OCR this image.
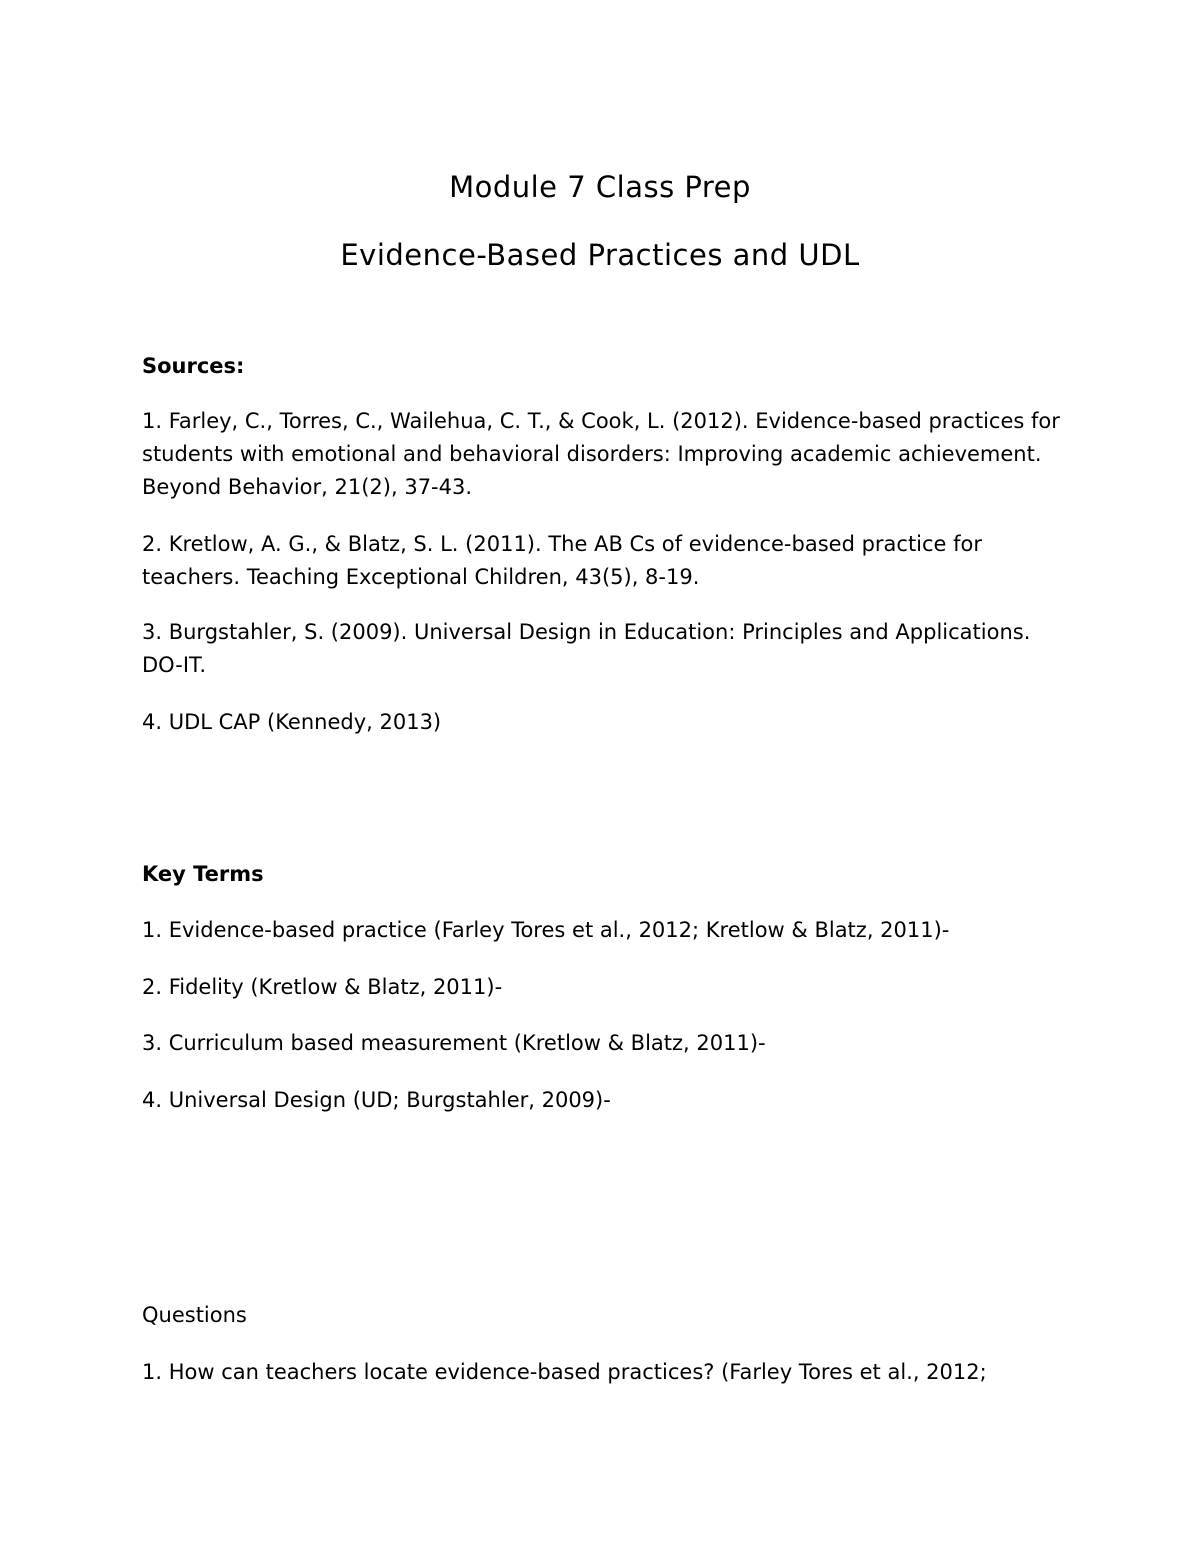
Module 7 Class Prep
Evidence-Based Practices and UDL
Sources:

1. Farley, C., Torres, C., Wailehua, C. T., & Cook, L. (2012). Evidence-based practices for students with emotional and behavioral disorders: Improving academic achievement. Beyond Behavior, 21(2), 37-43.

2. Kretlow, A. G., & Blatz, S. L. (2011). The AB Cs of evidence-based practice for teachers. Teaching Exceptional Children, 43(5), 8-19.

3. Burgstahler, S. (2009). Universal Design in Education: Principles and Applications. DO-IT.

4. UDL CAP (Kennedy, 2013)

Key Terms

1. Evidence-based practice (Farley Tores et al., 2012; Kretlow & Blatz, 2011)-

2. Fidelity (Kretlow & Blatz, 2011)-

3. Curriculum based measurement (Kretlow & Blatz, 2011)-

4. Universal Design (UD; Burgstahler, 2009)-

Questions

1. How can teachers locate evidence-based practices? (Farley Tores et al., 2012;
